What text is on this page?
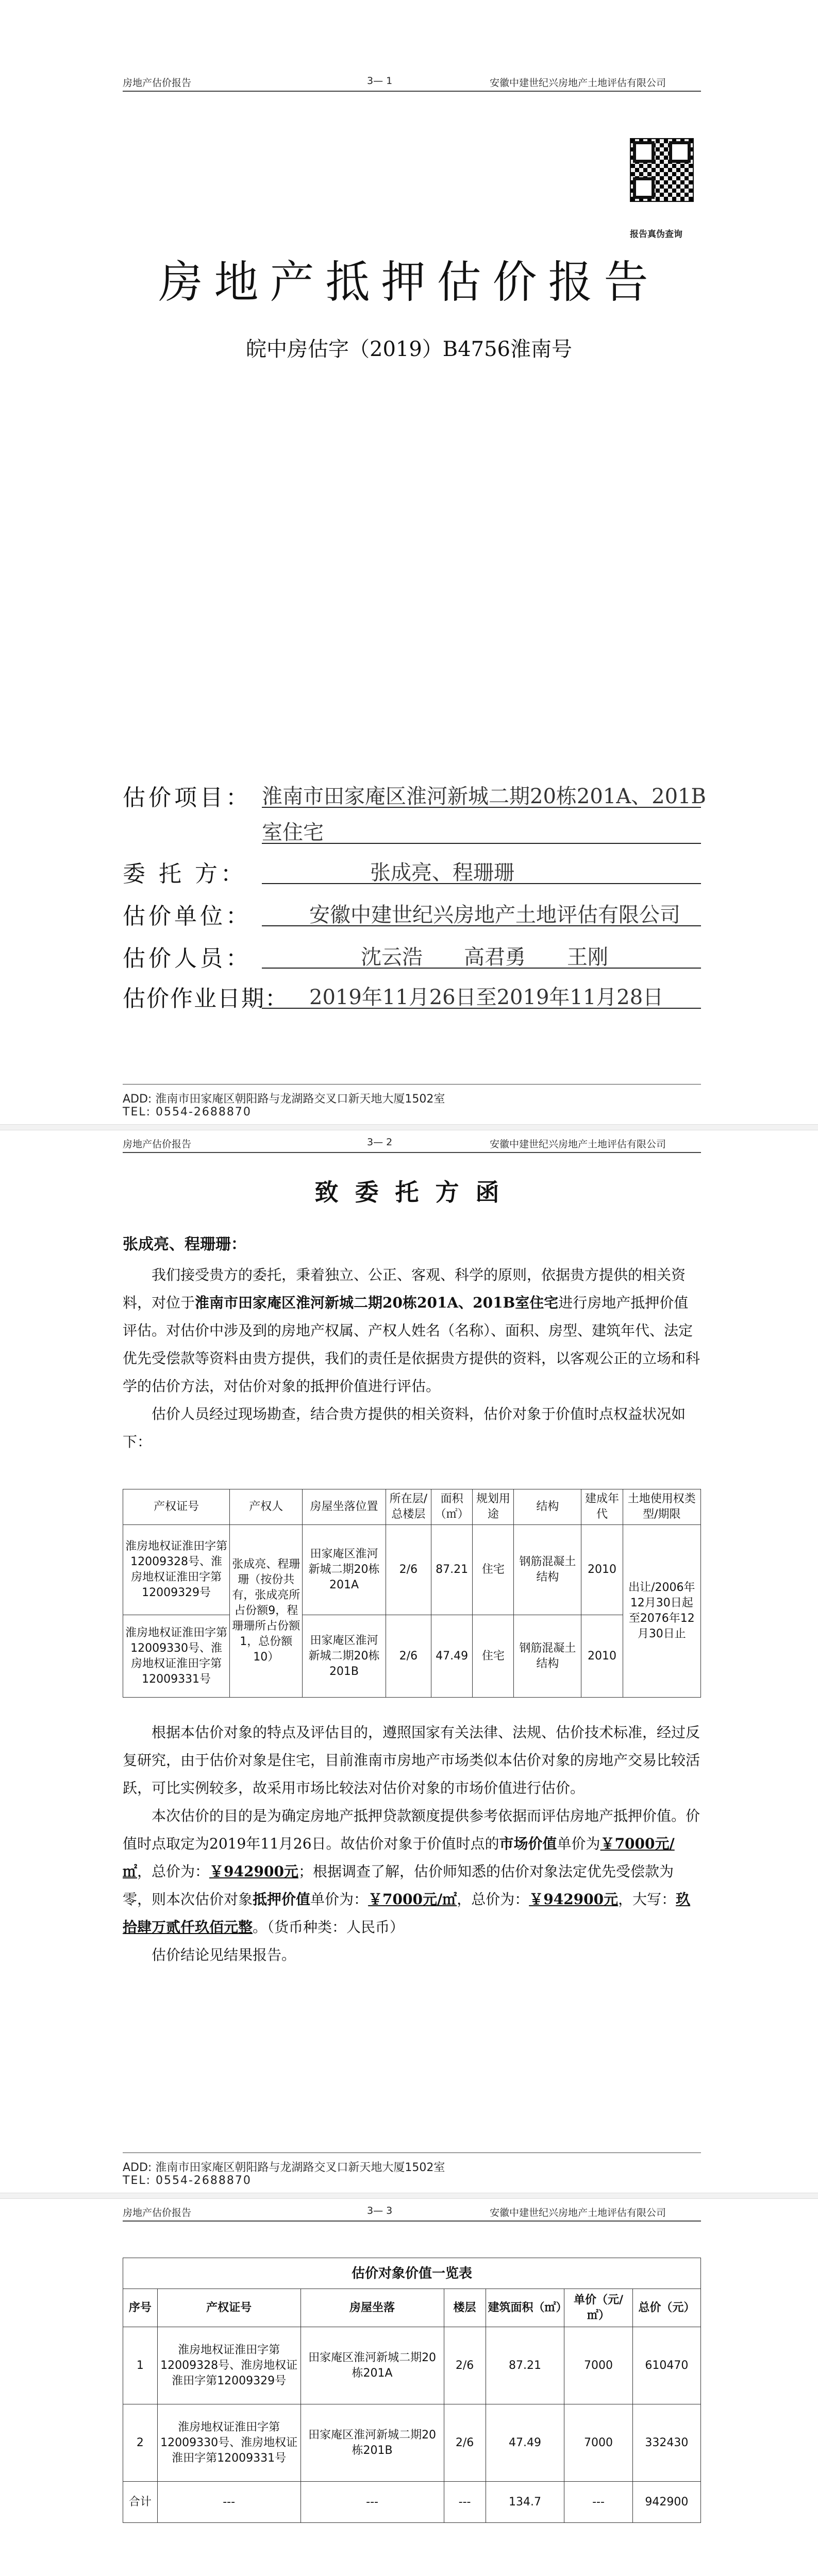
房地产估价报告	3— 1	安徽中建世纪兴房地产土地评估有限公司
报告真伪查询
房地产抵押估价报告
皖中房估字（2019）B4756淮南号
估价项目： 淮南市田家庵区淮河新城二期20栋201A、201B
室住宅
委 托 方：	张成亮、程珊珊
估价单位：	安徽中建世纪兴房地产土地评估有限公司
估价人员：	沈云浩　　高君勇　　王刚
估价作业日期： 2019年11月26日至2019年11月28日
ADD: 淮南市田家庵区朝阳路与龙湖路交叉口新天地大厦1502室
TEL: 0554-2688870
房地产估价报告	3— 2	安徽中建世纪兴房地产土地评估有限公司
致 委 托 方 函
张成亮、程珊珊：

我们接受贵方的委托，秉着独立、公正、客观、科学的原则，依据贵方提供的相关资料，对位于淮南市田家庵区淮河新城二期20栋201A、201B室住宅进行房地产抵押价值评估。对估价中涉及到的房地产权属、产权人姓名（名称）、面积、房型、建筑年代、法定优先受偿款等资料由贵方提供，我们的责任是依据贵方提供的资料，以客观公正的立场和科学的估价方法，对估价对象的抵押价值进行评估。

估价人员经过现场勘查，结合贵方提供的相关资料，估价对象于价值时点权益状况如下：

产权证号	产权人	房屋坐落位置	所在层/总楼层	面积（㎡）	规划用途	结构	建成年代	土地使用权类型/期限
淮房地权证淮田字第12009328号、淮房地权证淮田字第12009329号	张成亮、程珊珊（按份共有，张成亮所占份额9，程珊珊所占份额1，总份额10）	田家庵区淮河新城二期20栋201A	2/6	87.21	住宅	钢筋混凝土结构	2010	出让/2006年12月30日起至2076年12月30日止
淮房地权证淮田字第12009330号、淮房地权证淮田字第12009331号		田家庵区淮河新城二期20栋201B	2/6	47.49	住宅	钢筋混凝土结构	2010	

根据本估价对象的特点及评估目的，遵照国家有关法律、法规、估价技术标准，经过反复研究，由于估价对象是住宅，目前淮南市房地产市场类似本估价对象的房地产交易比较活跃，可比实例较多，故采用市场比较法对估价对象的市场价值进行估价。

本次估价的目的是为确定房地产抵押贷款额度提供参考依据而评估房地产抵押价值。价值时点取定为2019年11月26日。故估价对象于价值时点的市场价值单价为￥7000元/㎡，总价为：￥942900元；根据调查了解，估价师知悉的估价对象法定优先受偿款为零，则本次估价对象抵押价值单价为：￥7000元/㎡，总价为：￥942900元，大写：玖拾肆万贰仟玖佰元整。（货币种类：人民币）

估价结论见结果报告。

ADD: 淮南市田家庵区朝阳路与龙湖路交叉口新天地大厦1502室
TEL: 0554-2688870
房地产估价报告	3— 3	安徽中建世纪兴房地产土地评估有限公司
估价对象价值一览表						
序号	产权证号	房屋坐落	楼层	建筑面积（㎡）	单价（元/㎡）	总价（元）
1	淮房地权证淮田字第12009328号、淮房地权证淮田字第12009329号	田家庵区淮河新城二期20栋201A	2/6	87.21	7000	610470
2	淮房地权证淮田字第12009330号、淮房地权证淮田字第12009331号	田家庵区淮河新城二期20栋201B	2/6	47.49	7000	332430
合计	---	---	---	134.7	---	942900
